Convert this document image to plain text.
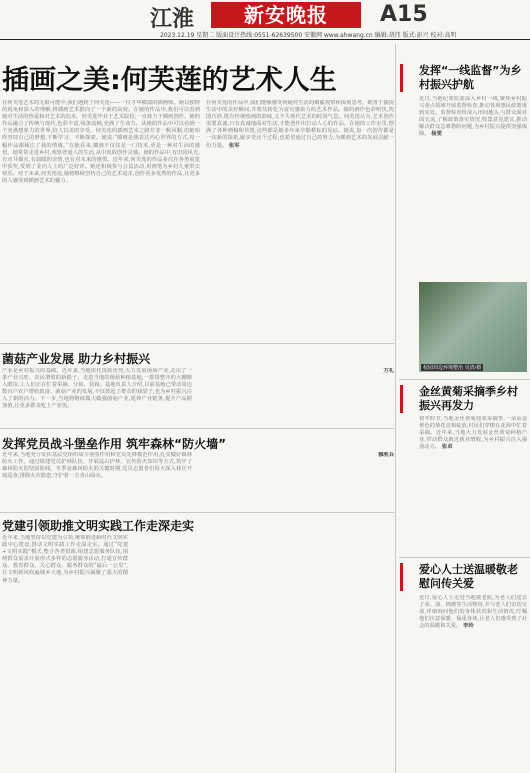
江淮	新安晚报	A15
2023.12.19 星期二 版面设计热线:0551-62639500 安徽网 www.ahwang.cn 编辑:胡伟 版式:彭兴 校对:高明
插画之美:何芙莲的艺术人生
在何芙莲艺术的无限可能中,我们遇到了何芙莲——一位才华横溢的插画师。她以独特的视角和深入的理解,将插画艺术推向了一个新的高度。在她的作品中,我们可以看到她对生活的热爱和对艺术的追求。何芙莲毕业于艺术院校,一直致力于插画创作。她的作品融合了传统与现代,色彩丰富,线条流畅,充满了生命力。从她的作品中可以看到一个充满想象力的世界,给人以美的享受。何芙莲的插画艺术之路并非一帆风顺,但她始终坚持自己的梦想,不断学习、不断探索。她说:“插画是我表达内心世界的方式,每一幅作品都倾注了我的情感。”在她看来,插画不仅仅是一门技术,更是一种对生活的感悟。她常常走进乡村,观察普通人的生活,从中汲取创作灵感。她的作品中,有田园风光,有市井烟火,有温暖的亲情,也有对未来的憧憬。近年来,何芙莲的作品多次在各类展览中获奖,受到了业内人士的广泛好评。她还积极参与公益活动,用画笔为乡村儿童带去快乐。对于未来,何芙莲说,她将继续坚持自己的艺术追求,创作更多优秀的作品,让更多的人感受到插画艺术的魅力。
在何芙莲的作品中,我们能够感受到她对生活的细腻观察和深刻思考。她善于捕捉生活中的美好瞬间,并将其转化为富有感染力的艺术作品。她的画作色彩明快,构图巧妙,既有传统绘画的韵味,又不失现代艺术的时尚气息。何芙莲认为,艺术创作需要真诚,只有真诚地面对生活,才能创作出打动人心的作品。在她的工作室里,摆满了各种画稿和草图,这些都是她多年来辛勤耕耘的见证。她说,每一次创作都是一次新的探索,她享受这个过程,也希望通过自己的努力,为插画艺术的发展贡献一份力量。 张军
菌菇产业发展 助力乡村振兴
产业是乡村振兴的基础。近年来,当地依托资源优势,大力发展菌菇产业,走出了一条产业兴旺、农民增收的新路子。走进当地的菌菇种植基地,一排排整齐的大棚映入眼帘,工人们正在忙着采摘、分拣、装箱。基地负责人介绍,目前基地已带动周边数百户农户增收致富。菌菇产业的发展,不仅鼓起了群众的钱袋子,也为乡村振兴注入了新的活力。下一步,当地将继续做大做强菌菇产业,延伸产业链条,提升产品附加值,让更多群众吃上产业饭。
方礼
发挥党员战斗堡垒作用 筑牢森林“防火墙”
近年来,当地充分发挥基层党组织战斗堡垒作用和党员先锋模范作用,扎实做好森林防火工作。通过组建党员护林队伍、开展巡山护林、宣传防火知识等方式,筑牢了森林防火的坚固防线。冬季是森林防火的关键时期,党员志愿者们每天深入林区开展巡查,排除火灾隐患,守护着一方青山绿水。
穆胜兵
党建引领助推文明实践工作走深走实
近年来,当地坚持以党建为引领,统筹推进新时代文明实践中心建设,推动文明实践工作走深走实。通过“党建+文明实践”模式,整合各类资源,组建志愿服务队伍,围绕群众需求开展形式多样的志愿服务活动,打通宣传群众、教育群众、关心群众、服务群众的“最后一公里”,让文明新风吹遍城乡大地,为乡村振兴凝聚了强大的精神力量。
发挥“一线监督”为乡村振兴护航
近日,当地纪委监委深入乡村一线,聚焦乡村振兴重点领域开展监督检查,推动各项惠民政策落到实处。监督检查组深入田间地头,与群众面对面交流,了解政策落实情况,收集意见建议,推动解决群众急难愁盼问题,为乡村振兴提供坚强保障。 杨雯
校园周边环境整治 吴清/摄
金丝黄菊采摘季乡村振兴再发力
初冬时节,当地金丝黄菊迎来采摘季,一朵朵金黄色的菊花竞相绽放,村民们穿梭在花海中忙着采摘。近年来,当地大力发展金丝黄菊种植产业,带动群众就近就业增收,为乡村振兴注入强劲动力。 张卓
爱心人士送温暖敬老慰问传关爱
近日,爱心人士走进当地敬老院,为老人们送去了米、油、棉被等生活物资,并与老人们亲切交谈,详细询问他们的身体状况和生活情况,叮嘱他们注意保暖、保重身体,让老人们感受到了社会的温暖和关爱。 李玲
